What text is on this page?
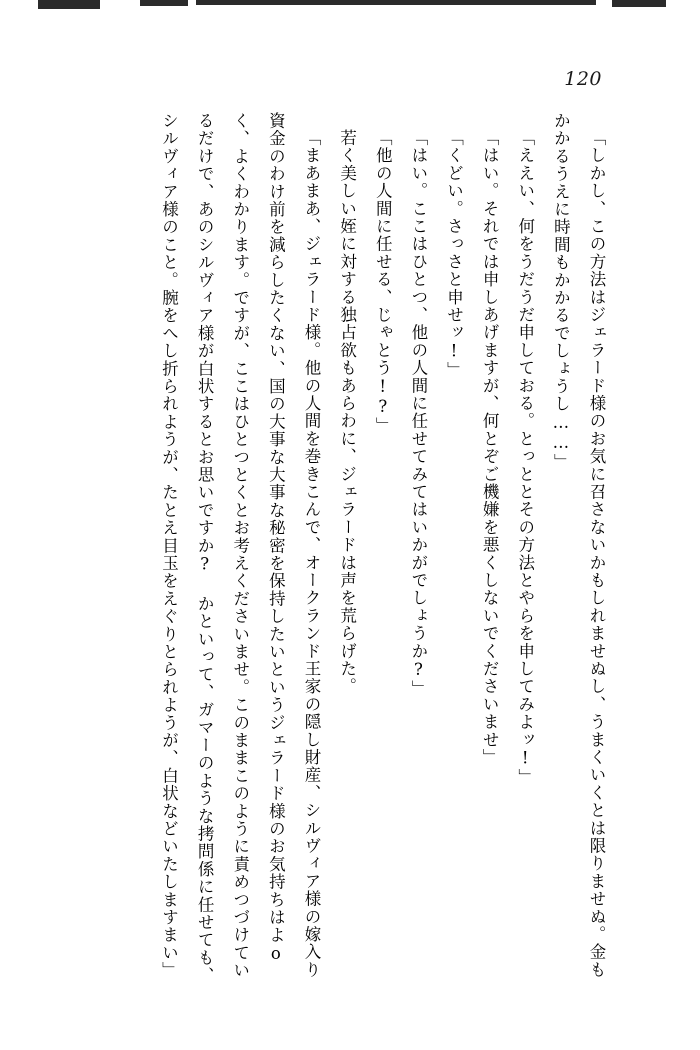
120

「しかし、この方法はジェラード様のお気に召さないかもしれませぬし、うまくいくとは限りませぬ。金もかかるうえに時間もかかるでしょうし……」

「ええい、何をうだうだ申しておる。とっととその方法とやらを申してみよッ!」

「はい。それでは申しあげますが、何とぞご機嫌を悪くしないでくださいませ」

「くどい。さっさと申せッ!」

「はい。ここはひとつ、他の人間に任せてみてはいかがでしょうか?」

「他の人間に任せる、じゃとう!?」

若く美しい姪に対する独占欲もあらわに、ジェラードは声を荒らげた。

「まあまあ、ジェラード様。他の人間を巻きこんで、オークランド王家の隠し財産、シルヴィア様の嫁入り資金のわけ前を減らしたくない、国の大事な大事な秘密を保持したいというジェラード様のお気持ちはよоく、よくわかります。ですが、ここはひとつとくとお考えくださいませ。このままこのように責めつづけているだけで、あのシルヴィア様が白状するとお思いですか? かといって、ガマーのような拷問係に任せても、シルヴィア様のこと。腕をへし折られようが、たとえ目玉をえぐりとられようが、白状などいたしますまい」
